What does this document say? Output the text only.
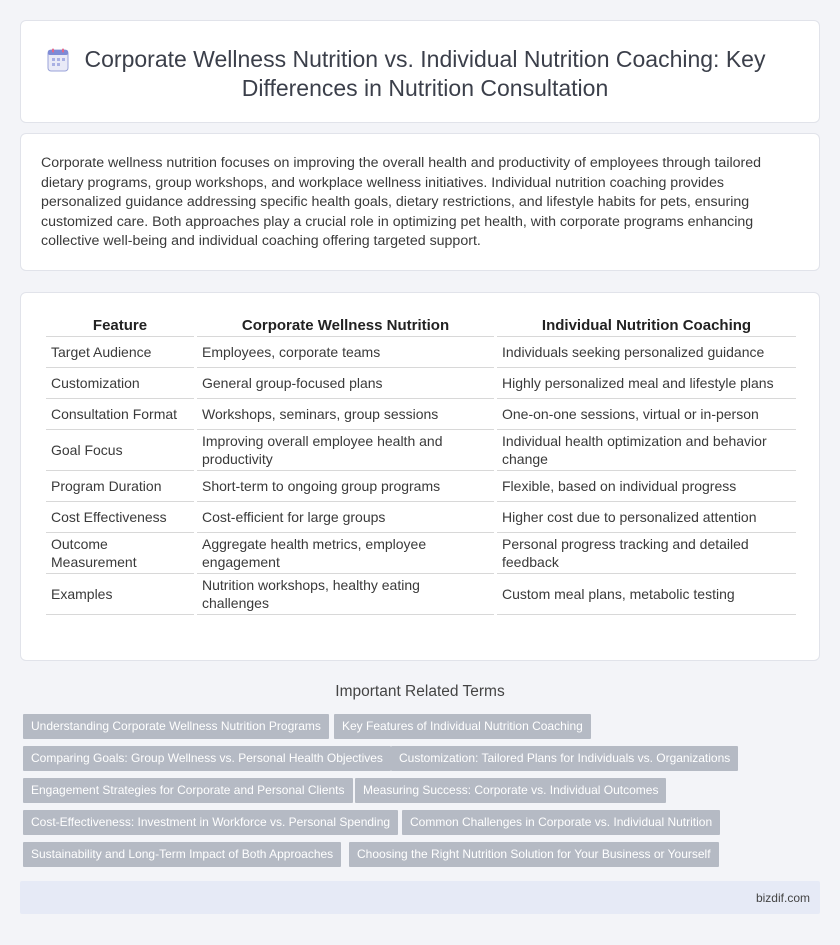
Corporate Wellness Nutrition vs. Individual Nutrition Coaching: Key Differences in Nutrition Consultation

Corporate wellness nutrition focuses on improving the overall health and productivity of employees through tailored dietary programs, group workshops, and workplace wellness initiatives. Individual nutrition coaching provides personalized guidance addressing specific health goals, dietary restrictions, and lifestyle habits for pets, ensuring customized care. Both approaches play a crucial role in optimizing pet health, with corporate programs enhancing collective well-being and individual coaching offering targeted support.

Feature	Corporate Wellness Nutrition	Individual Nutrition Coaching
Target Audience	Employees, corporate teams	Individuals seeking personalized guidance
Customization	General group-focused plans	Highly personalized meal and lifestyle plans
Consultation Format	Workshops, seminars, group sessions	One-on-one sessions, virtual or in-person
Goal Focus	Improving overall employee health and productivity	Individual health optimization and behavior change
Program Duration	Short-term to ongoing group programs	Flexible, based on individual progress
Cost Effectiveness	Cost-efficient for large groups	Higher cost due to personalized attention
Outcome Measurement	Aggregate health metrics, employee engagement	Personal progress tracking and detailed feedback
Examples	Nutrition workshops, healthy eating challenges	Custom meal plans, metabolic testing
Important Related Terms
Understanding Corporate Wellness Nutrition Programs	Key Features of Individual Nutrition Coaching
Comparing Goals: Group Wellness vs. Personal Health Objectives	Customization: Tailored Plans for Individuals vs. Organizations
Engagement Strategies for Corporate and Personal Clients	Measuring Success: Corporate vs. Individual Outcomes
Cost-Effectiveness: Investment in Workforce vs. Personal Spending	Common Challenges in Corporate vs. Individual Nutrition
Sustainability and Long-Term Impact of Both Approaches	Choosing the Right Nutrition Solution for Your Business or Yourself
bizdif.com
